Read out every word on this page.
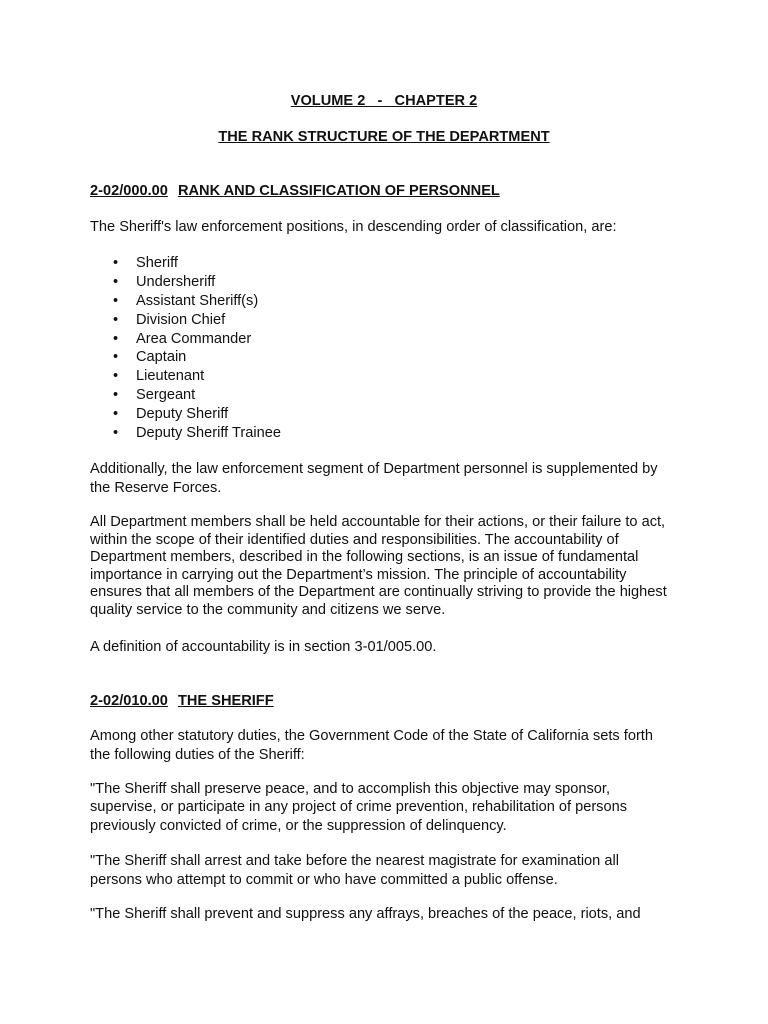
VOLUME 2 - CHAPTER 2

THE RANK STRUCTURE OF THE DEPARTMENT

2-02/000.00 RANK AND CLASSIFICATION OF PERSONNEL

The Sheriff's law enforcement positions, in descending order of classification, are:

• Sheriff
• Undersheriff
• Assistant Sheriff(s)
• Division Chief
• Area Commander
• Captain
• Lieutenant
• Sergeant
• Deputy Sheriff
• Deputy Sheriff Trainee

Additionally, the law enforcement segment of Department personnel is supplemented by
the Reserve Forces.

All Department members shall be held accountable for their actions, or their failure to act,
within the scope of their identified duties and responsibilities. The accountability of
Department members, described in the following sections, is an issue of fundamental
importance in carrying out the Department’s mission. The principle of accountability
ensures that all members of the Department are continually striving to provide the highest
quality service to the community and citizens we serve.

A definition of accountability is in section 3-01/005.00.

2-02/010.00 THE SHERIFF

Among other statutory duties, the Government Code of the State of California sets forth
the following duties of the Sheriff:

"The Sheriff shall preserve peace, and to accomplish this objective may sponsor,
supervise, or participate in any project of crime prevention, rehabilitation of persons
previously convicted of crime, or the suppression of delinquency.

"The Sheriff shall arrest and take before the nearest magistrate for examination all
persons who attempt to commit or who have committed a public offense.

"The Sheriff shall prevent and suppress any affrays, breaches of the peace, riots, and
